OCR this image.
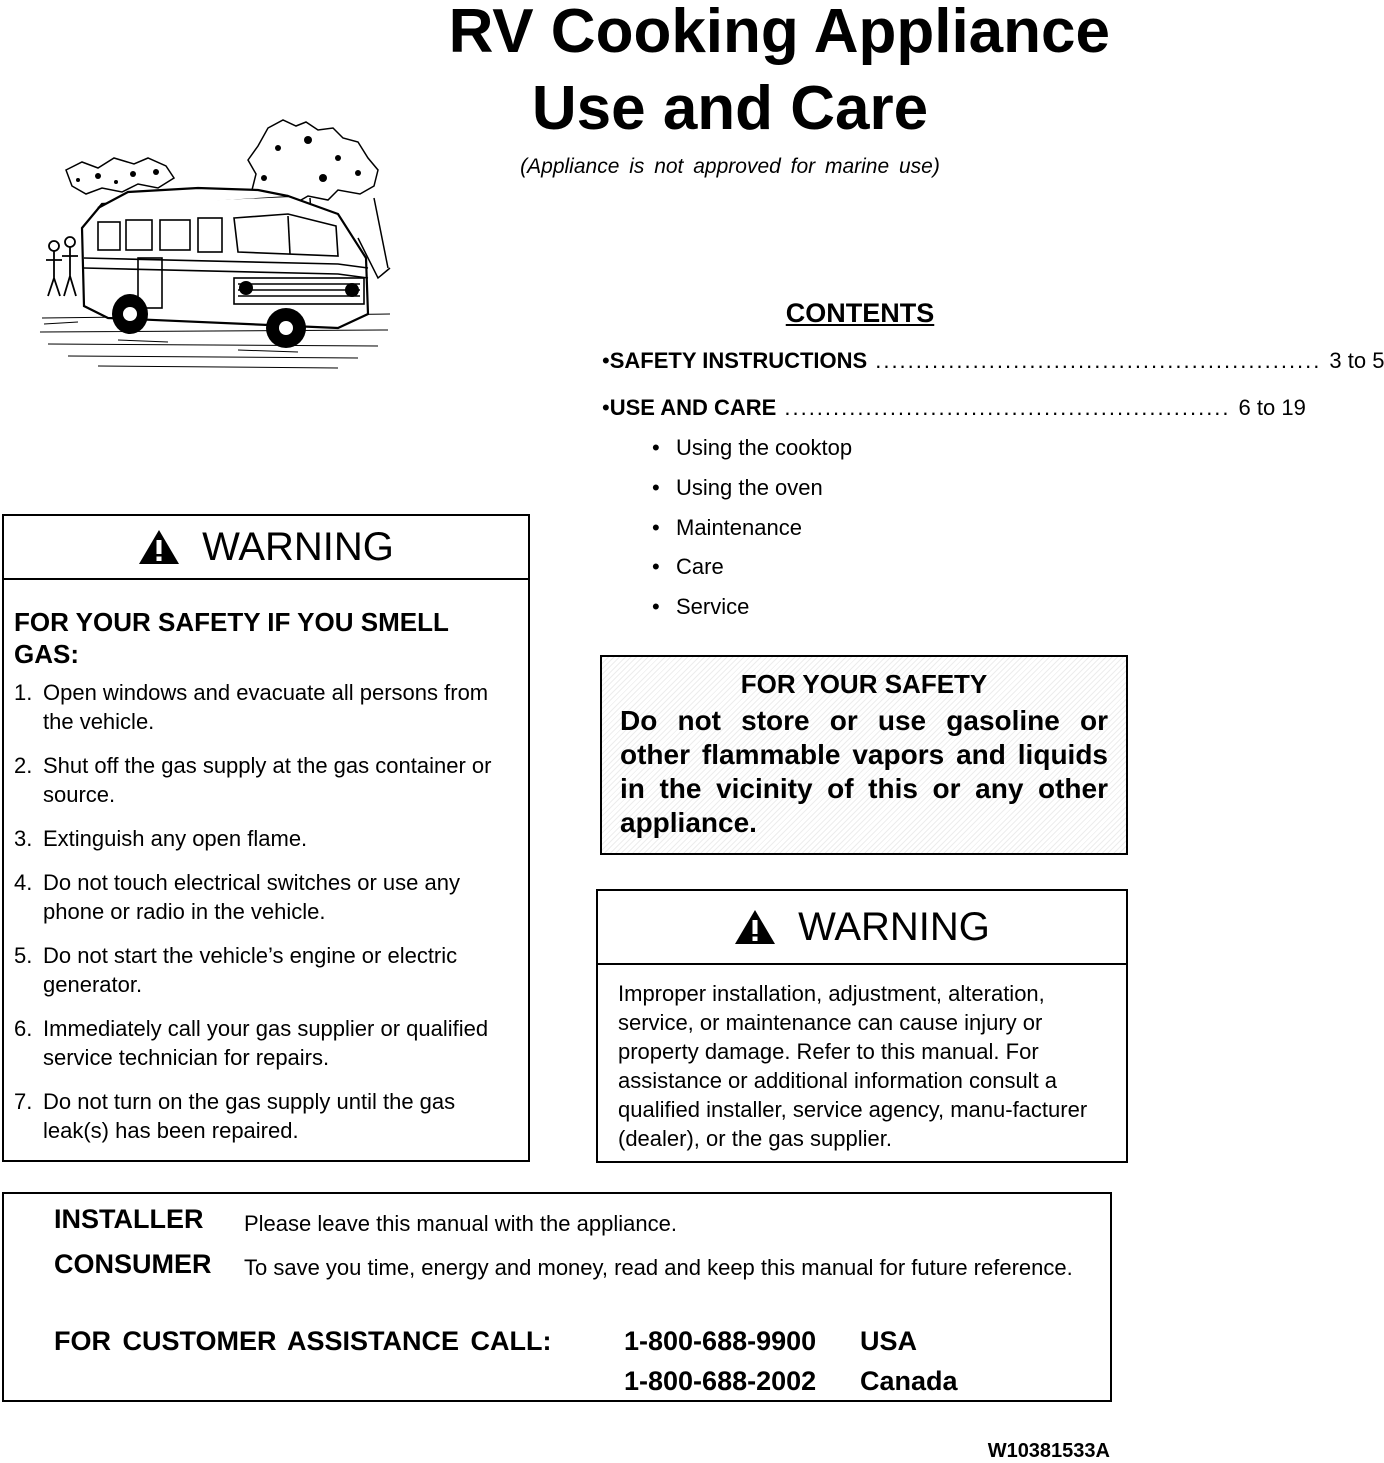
RV Cooking Appliance
Use and Care
(Appliance is not approved for marine use)
CONTENTS
• SAFETY INSTRUCTIONS ....................................................... 3 to 5
• USE AND CARE ....................................................... 6 to 19
• Using the cooktop
• Using the oven
• Maintenance
• Care
• Service
WARNING
FOR YOUR SAFETY IF YOU SMELL GAS:
1. Open windows and evacuate all persons from the vehicle.
2. Shut off the gas supply at the gas container or source.
3. Extinguish any open flame.
4. Do not touch electrical switches or use any phone or radio in the vehicle.
5. Do not start the vehicle’s engine or electric generator.
6. Immediately call your gas supplier or qualified service technician for repairs.
7. Do not turn on the gas supply until the gas leak(s) has been repaired.
FOR YOUR SAFETY
Do not store or use gasoline or other flammable vapors and liquids in the vicinity of this or any other appliance.
WARNING
Improper installation, adjustment, alteration, service, or maintenance can cause injury or property damage. Refer to this manual. For assistance or additional information consult a qualified installer, service agency, manu-facturer (dealer), or the gas supplier.
INSTALLER Please leave this manual with the appliance.
CONSUMER To save you time, energy and money, read and keep this manual for future reference.
FOR CUSTOMER ASSISTANCE CALL:	1-800-688-9900 USA
1-800-688-2002 Canada
W10381533A
